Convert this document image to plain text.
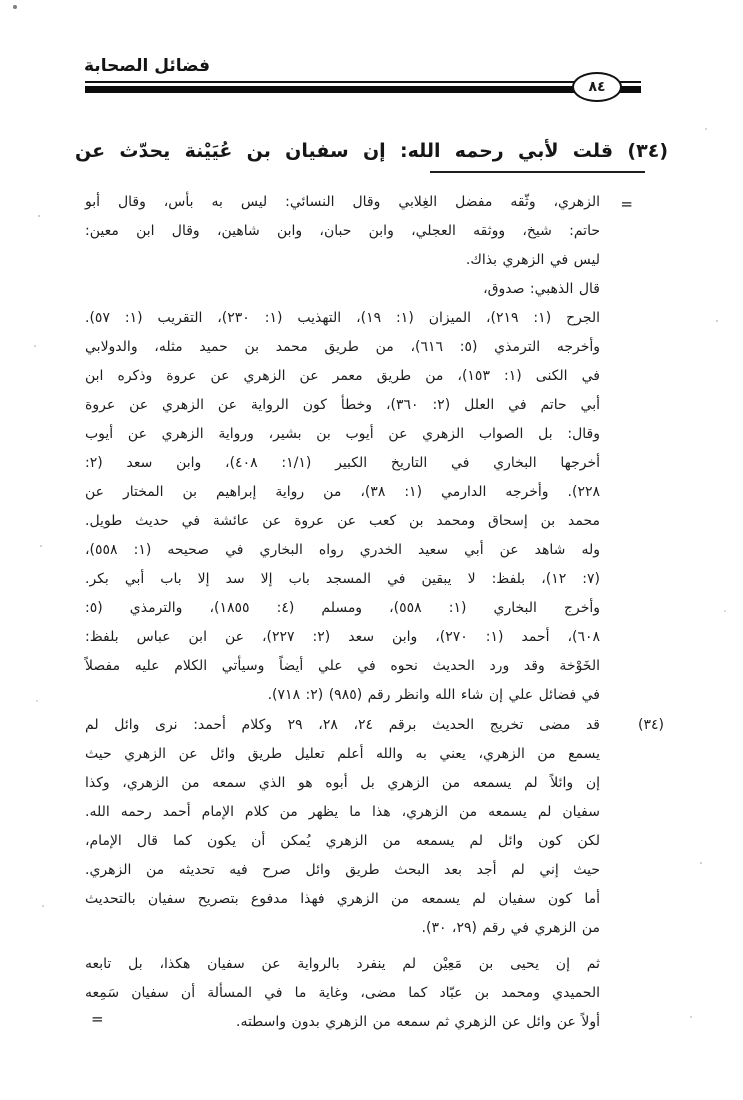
فضائل الصحابة
٨٤

(٣٤) قلت لأبي رحمه الله: إن سفيان بن عُيَيْنة يحدّث عن

=
الزهري، وثّقه مفضل الغِلابي وقال النسائي: ليس به بأس، وقال أبو
حاتم: شيخ، ووثقه العجلي، وابن حبان، وابن شاهين، وقال ابن معين:
ليس في الزهري بذاك.
قال الذهبي: صدوق،
الجرح (١: ٢١٩)، الميزان (١: ١٩)، التهذيب (١: ٢٣٠)، التقريب (١: ٥٧).
وأخرجه الترمذي (٥: ٦١٦)، من طريق محمد بن حميد مثله، والدولابي
في الكنى (١: ١٥٣)، من طريق معمر عن الزهري عن عروة وذكره ابن
أبي حاتم في العلل (٢: ٣٦٠)، وخطأ كون الرواية عن الزهري عن عروة
وقال: بل الصواب الزهري عن أيوب بن بشير، ورواية الزهري عن أيوب
أخرجها البخاري في التاريخ الكبير (١/١: ٤٠٨)، وابن سعد (٢:
٢٢٨). وأخرجه الدارمي (١: ٣٨)، من رواية إبراهيم بن المختار عن
محمد بن إسحاق ومحمد بن كعب عن عروة عن عائشة في حديث طويل.
وله شاهد عن أبي سعيد الخدري رواه البخاري في صحيحه (١: ٥٥٨)،
(٧: ١٢)، بلفظ: لا يبقين في المسجد باب إلا سد إلا باب أبي بكر.
وأخرج البخاري (١: ٥٥٨)، ومسلم (٤: ١٨٥٥)، والترمذي (٥:
٦٠٨)، أحمد (١: ٢٧٠)، وابن سعد (٢: ٢٢٧)، عن ابن عباس بلفظ:
الخَوْخة وقد ورد الحديث نحوه في علي أيضاً وسيأتي الكلام عليه مفصلاً
في فضائل علي إن شاء الله وانظر رقم (٩٨٥) (٢: ٧١٨).
(٣٤)
=
قد مضى تخريج الحديث برقم ٢٤، ٢٨، ٢٩ وكلام أحمد: نرى وائل لم
يسمع من الزهري، يعني به والله أعلم تعليل طريق وائل عن الزهري حيث
إن وائلاً لم يسمعه من الزهري بل أبوه هو الذي سمعه من الزهري، وكذا
سفيان لم يسمعه من الزهري، هذا ما يظهر من كلام الإمام أحمد رحمه الله.
لكن كون وائل لم يسمعه من الزهري يُمكن أن يكون كما قال الإمام،
حيث إني لم أجد بعد البحث طريق وائل صرح فيه تحديثه من الزهري.
أما كون سفيان لم يسمعه من الزهري فهذا مدفوع بتصريح سفيان بالتحديث
من الزهري في رقم (٢٩، ٣٠).
ثم إن يحيى بن مَعِيْن لم ينفرد بالرواية عن سفيان هكذا، بل تابعه
الحميدي ومحمد بن عبّاد كما مضى، وغاية ما في المسألة أن سفيان سَمِعه
أولاً عن وائل عن الزهري ثم سمعه من الزهري بدون واسطته.
